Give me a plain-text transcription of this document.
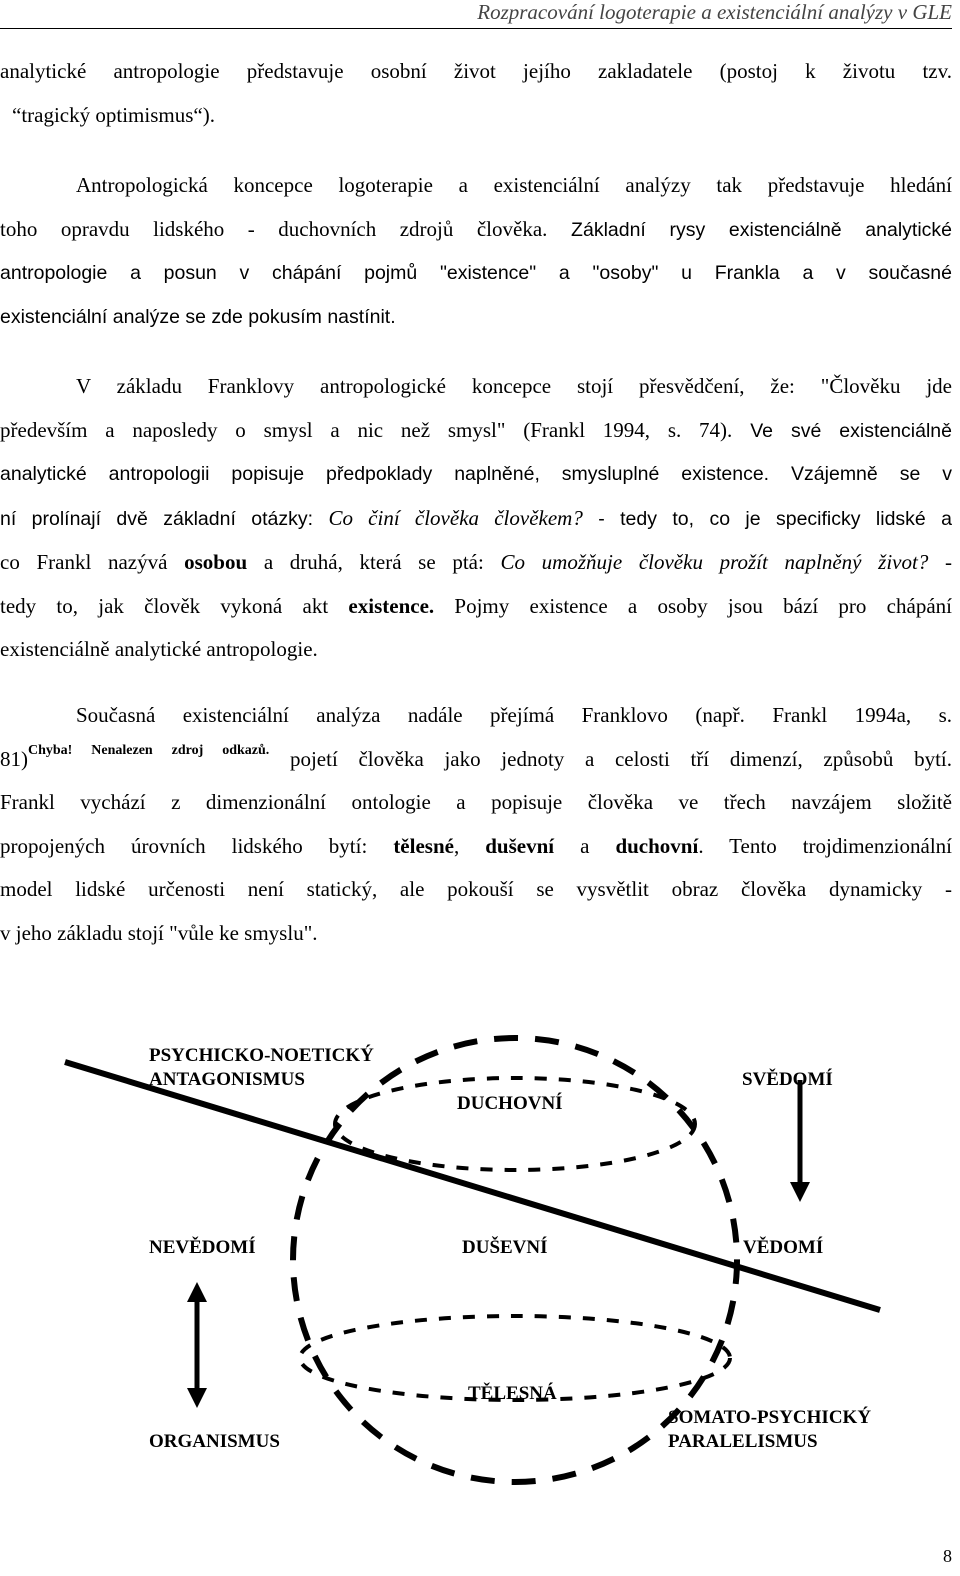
Rozpracování logoterapie a existenciální analýzy v GLE

analytické antropologie představuje osobní život jejího zakladatele (postoj k životu tzv.
“tragický optimismus“).

Antropologická koncepce logoterapie a existenciální analýzy tak představuje hledání
toho opravdu lidského - duchovních zdrojů člověka. Základní rysy existenciálně analytické
antropologie a posun v chápání pojmů "existence" a "osoby" u Frankla a v současné
existenciální analýze se zde pokusím nastínit.

V základu Franklovy antropologické koncepce stojí přesvědčení, že: "Člověku jde
především a naposledy o smysl a nic než smysl" (Frankl 1994, s. 74). Ve své existenciálně
analytické antropologii popisuje předpoklady naplněné, smysluplné existence. Vzájemně se v
ní prolínají dvě základní otázky: Co činí člověka člověkem? - tedy to, co je specificky lidské a
co Frankl nazývá osobou a druhá, která se ptá: Co umožňuje člověku prožít naplněný život? -
tedy to, jak člověk vykoná akt existence. Pojmy existence a osoby jsou bází pro chápání
existenciálně analytické antropologie.

Současná existenciální analýza nadále přejímá Franklovo (např. Frankl 1994a, s.
81)$^{Chyba! Nenalezen zdroj odkazů.}$ pojetí člověka jako jednoty a celosti tří dimenzí, způsobů bytí.
Frankl vychází z dimenzionální ontologie a popisuje člověka ve třech navzájem složitě
propojených úrovních lidského bytí: tělesné, duševní a duchovní. Tento trojdimenzionální
model lidské určenosti není statický, ale pokouší se vysvětlit obraz člověka dynamicky -
v jeho základu stojí "vůle ke smyslu".

PSYCHICKO-NOETICKÝ
ANTAGONISMUS
DUCHOVNÍ
SVĚDOMÍ
NEVĚDOMÍ	DUŠEVNÍ	VĚDOMÍ
TĚLESNÁ
ORGANISMUS
SOMATO-PSYCHICKÝ
PARALELISMUS
8
